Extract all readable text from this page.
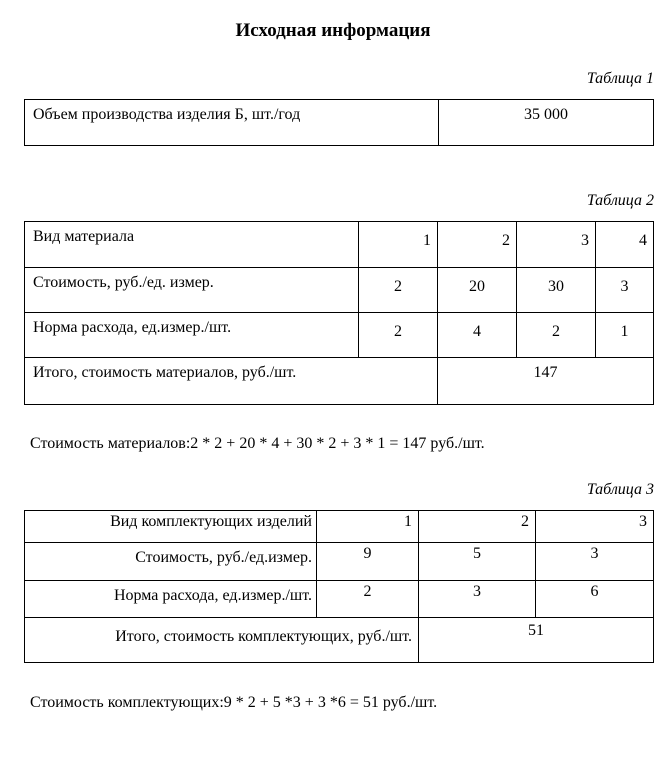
Исходная информация
Таблица 1
Объем производства изделия Б, шт./год	35 000
Таблица 2
Вид материала	1	2	3	4
Стоимость, руб./ед. измер.	2	20	30	3
Норма расхода, ед.измер./шт.	2	4	2	1
Итого, стоимость материалов, руб./шт.		147		
Стоимость материалов:2 * 2 + 20 * 4 + 30 * 2 + 3 * 1 = 147 руб./шт.
Таблица 3
Вид комплектующих изделий	1	2	3
Стоимость, руб./ед.измер.	9	5	3
Норма расхода, ед.измер./шт.	2	3	6
Итого, стоимость комплектующих, руб./шт.		51	
Стоимость комплектующих:9 * 2 + 5 *3 + 3 *6 = 51 руб./шт.
